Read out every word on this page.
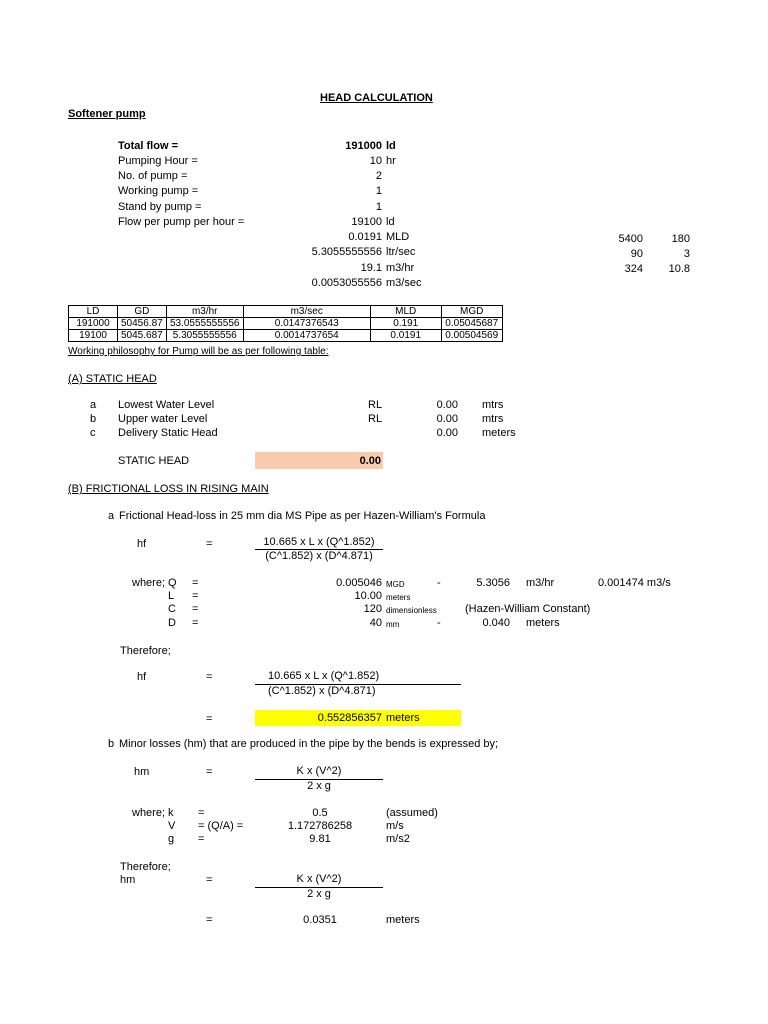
HEAD CALCULATION
Softener pump
Total flow =	191000 ld
Pumping Hour =	10 hr
No. of pump =	2
Working pump =	1
Stand by pump =	1
Flow per pump per hour =	19100 ld
0.0191 MLD
5.3055555556 ltr/sec
19.1 m3/hr
0.0053055556 m3/sec
5400	180
90	3
324	10.8
LD	GD	m3/hr	m3/sec	MLD	MGD
191000	50456.87	53.0555555556	0.0147376543	0.191	0.05045687
19100	5045.687	5.3055555556	0.0014737654	0.0191	0.00504569
Working philosophy for Pump will be as per following table:
(A) STATIC HEAD
a Lowest Water Level	RL	0.00 mtrs
b Upper water Level	RL	0.00 mtrs
c Delivery Static Head	0.00 meters
STATIC HEAD	0.00
(B) FRICTIONAL LOSS IN RISING MAIN
a Frictional Head-loss in 25 mm dia MS Pipe as per Hazen-William's Formula
hf	=	10.665 x L x (Q^1.852)
(C^1.852) x (D^4.871)
where; Q =	0.005046 MGD	-	5.3056 m3/hr	0.001474 m3/s
L =	10.00 meters
C =	120 dimensionless	(Hazen-William Constant)
D =	40 mm	-	0.040 meters
Therefore;
hf	=	10.665 x L x (Q^1.852)
(C^1.852) x (D^4.871)
=	0.552856357 meters
b Minor losses (hm) that are produced in the pipe by the bends is expressed by;
hm	=	K x (V^2)
2 x g
where; k =	0.5	(assumed)
V = (Q/A) =	1.172786258	m/s
g =	9.81	m/s2
Therefore;
hm	=	K x (V^2)
2 x g
=	0.0351	meters
